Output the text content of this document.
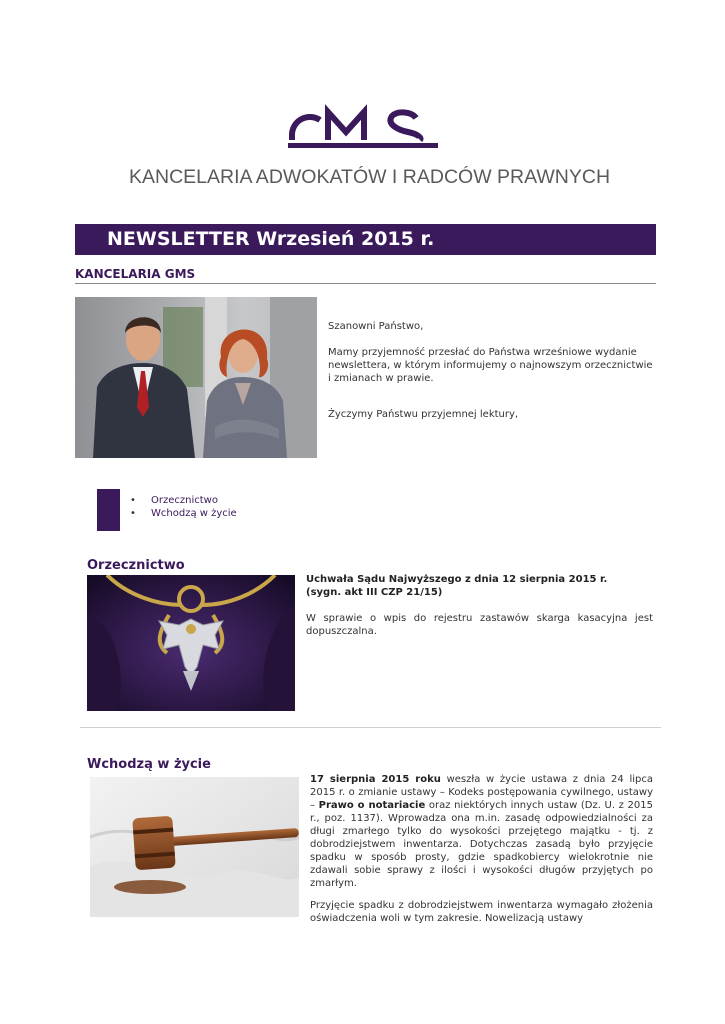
KANCELARIA ADWOKATÓW I RADCÓW PRAWNYCH
NEWSLETTER Wrzesień 2015 r.
KANCELARIA GMS
Szanowni Państwo,
Mamy przyjemność przesłać do Państwa wrześniowe wydanie newslettera, w którym informujemy o najnowszym orzecznictwie i zmianach w prawie.
Życzymy Państwu przyjemnej lektury,
• Orzecznictwo
• Wchodzą w życie
Orzecznictwo
Uchwała Sądu Najwyższego z dnia 12 sierpnia 2015 r.
(sygn. akt III CZP 21/15)
W sprawie o wpis do rejestru zastawów skarga kasacyjna jest dopuszczalna.
Wchodzą w życie
17 sierpnia 2015 roku weszła w życie ustawa z dnia 24 lipca 2015 r. o zmianie ustawy – Kodeks postępowania cywilnego, ustawy – Prawo o notariacie oraz niektórych innych ustaw (Dz. U. z 2015 r., poz. 1137). Wprowadza ona m.in. zasadę odpowiedzialności za długi zmarłego tylko do wysokości przejętego majątku - tj. z dobrodziejstwem inwentarza. Dotychczas zasadą było przyjęcie spadku w sposób prosty, gdzie spadkobiercy wielokrotnie nie zdawali sobie sprawy z ilości i wysokości długów przyjętych po zmarłym.
Przyjęcie spadku z dobrodziejstwem inwentarza wymagało złożenia oświadczenia woli w tym zakresie. Nowelizacją ustawy
